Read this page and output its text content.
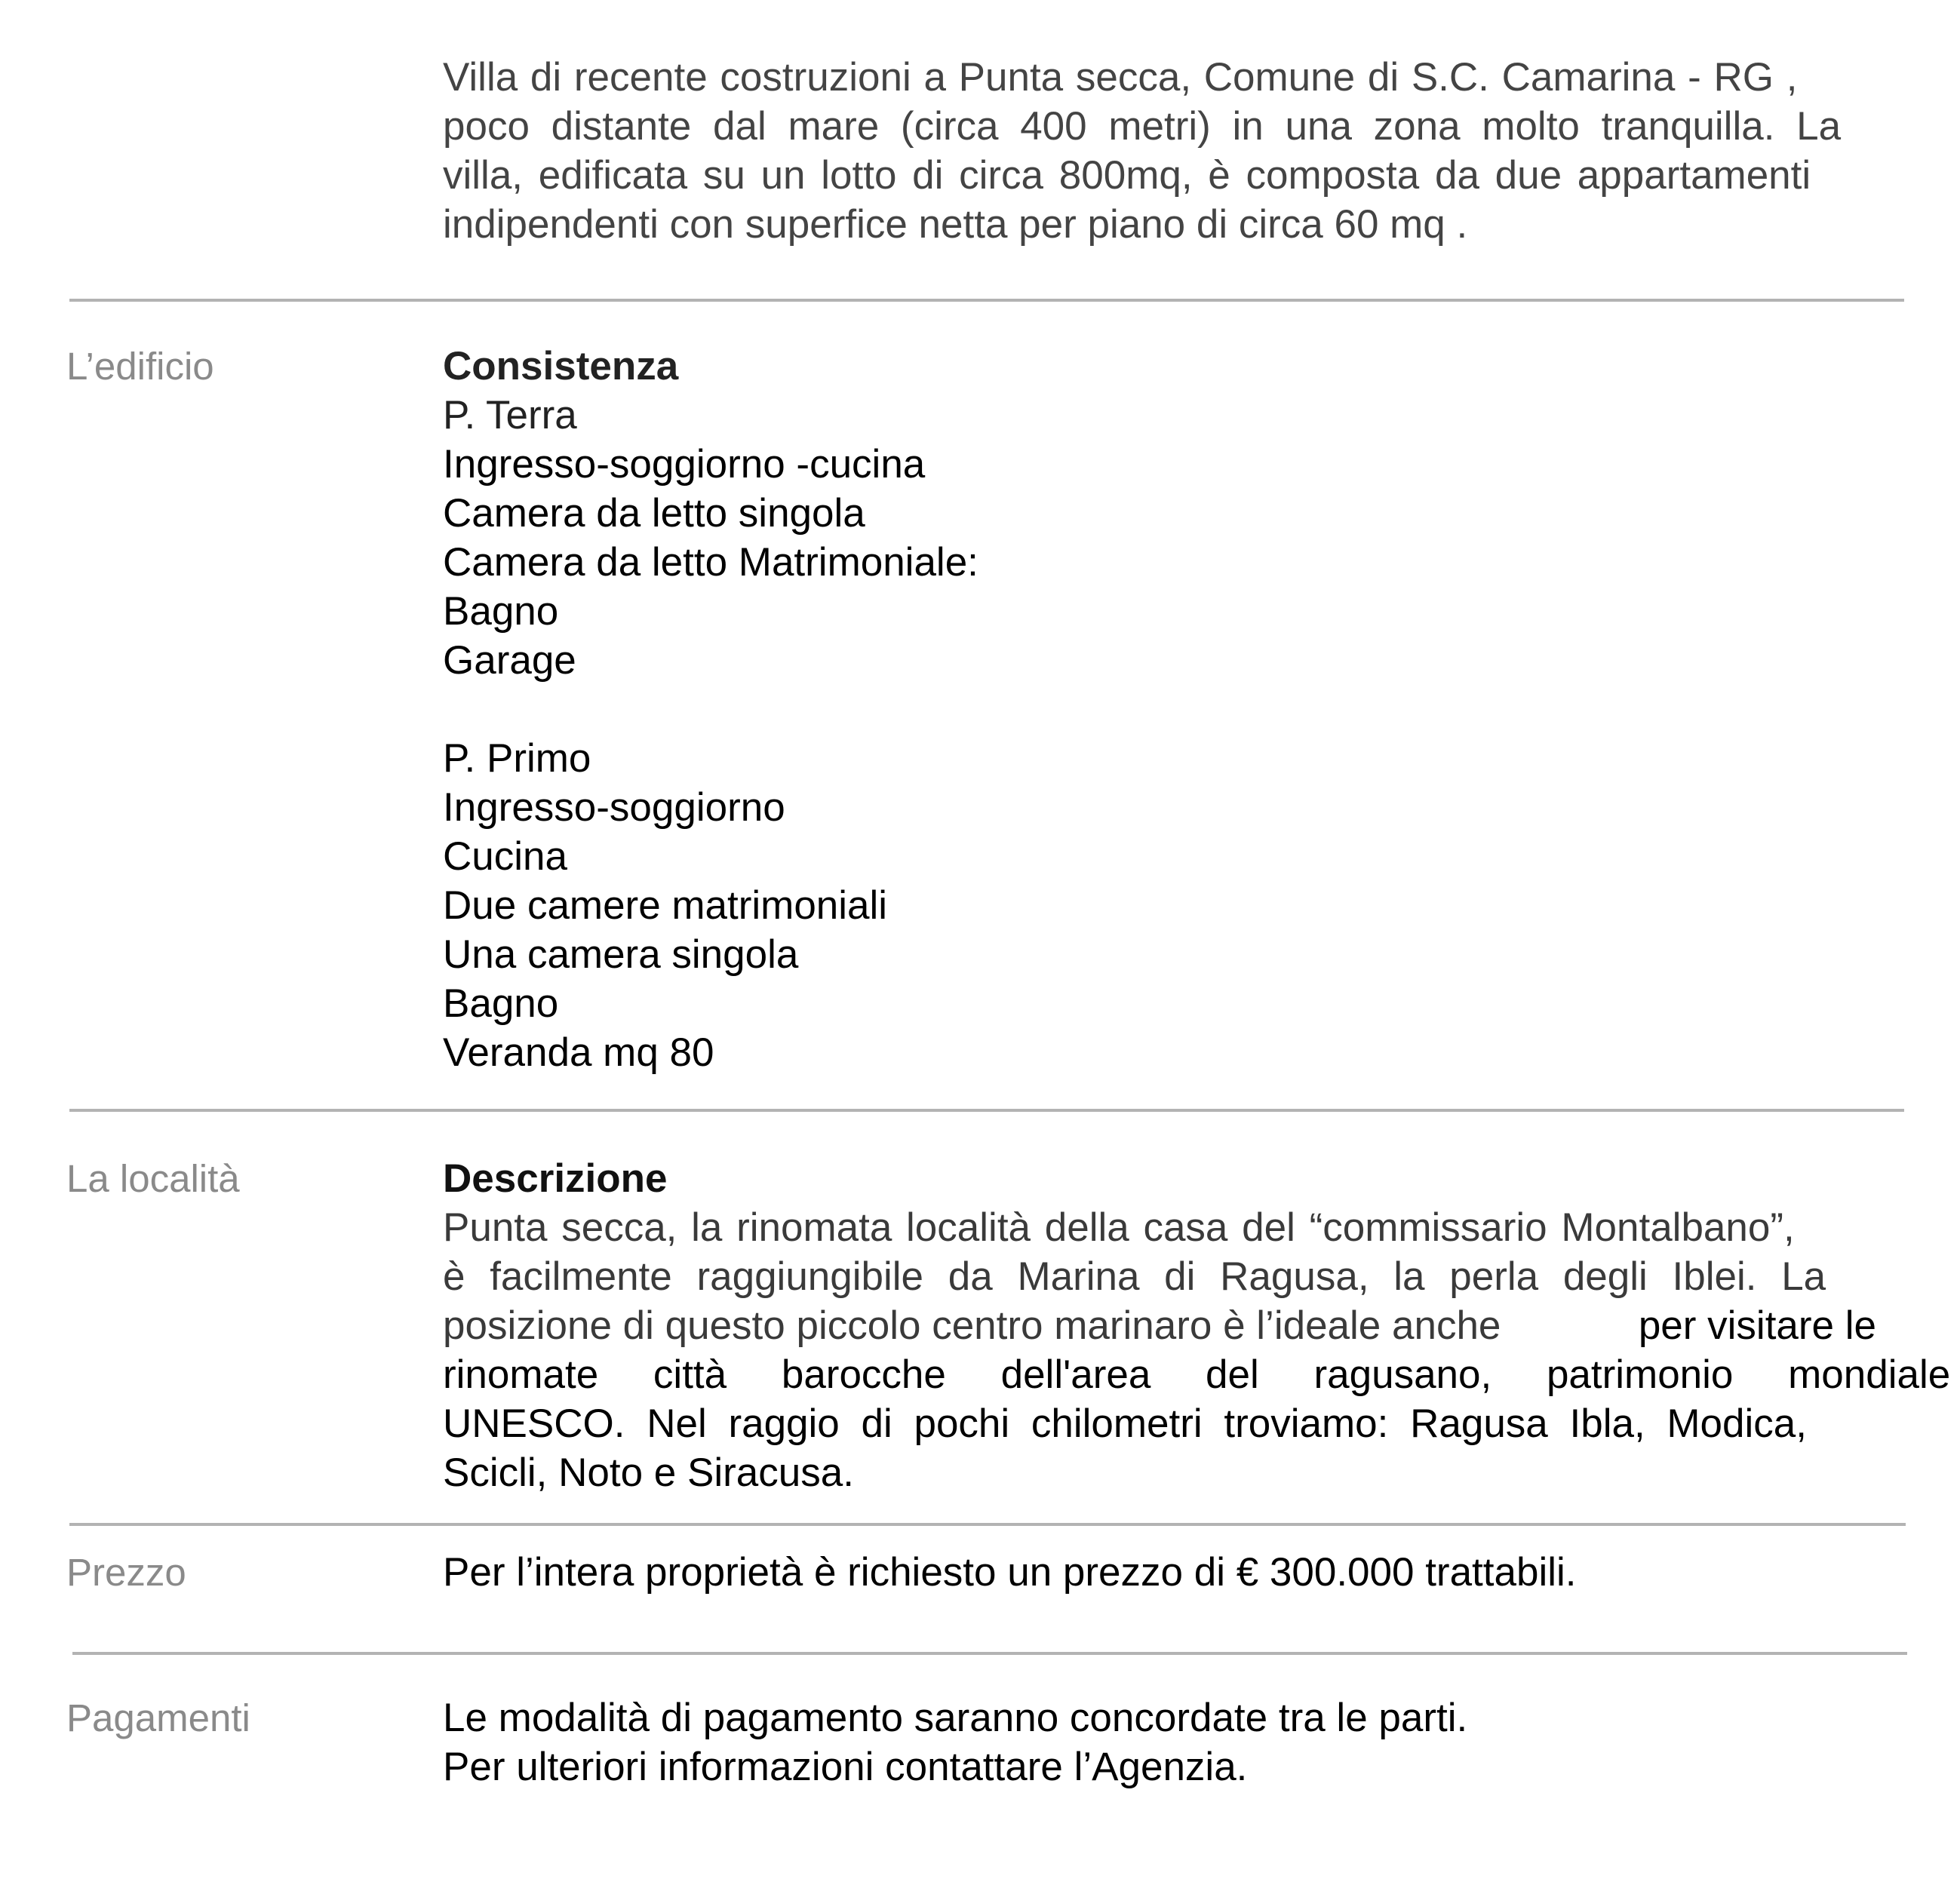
Villa di recente costruzioni a Punta secca, Comune di S.C. Camarina - RG ,
poco distante dal mare (circa 400 metri) in una zona molto tranquilla. La
villa, edificata su un lotto di circa 800mq, è composta da due appartamenti
indipendenti con superfice netta per piano di circa 60 mq .
L’edificio	Consistenza
P. Terra
Ingresso-soggiorno -cucina
Camera da letto singola
Camera da letto Matrimoniale:
Bagno
Garage
P. Primo
Ingresso-soggiorno
Cucina
Due camere matrimoniali
Una camera singola
Bagno
Veranda mq 80
La località	Descrizione
Punta secca, la rinomata località della casa del “commissario Montalbano”,
è facilmente raggiungibile da Marina di Ragusa, la perla degli Iblei. La
posizione di questo piccolo centro marinaro è l’ideale anche	per visitare le
rinomate città barocche dell'area del ragusano, patrimonio mondiale
UNESCO. Nel raggio di pochi chilometri troviamo: Ragusa Ibla, Modica,
Scicli, Noto e Siracusa.
Prezzo	Per l’intera proprietà è richiesto un prezzo di € 300.000 trattabili.
Pagamenti	Le modalità di pagamento saranno concordate tra le parti.
Per ulteriori informazioni contattare l’Agenzia.
